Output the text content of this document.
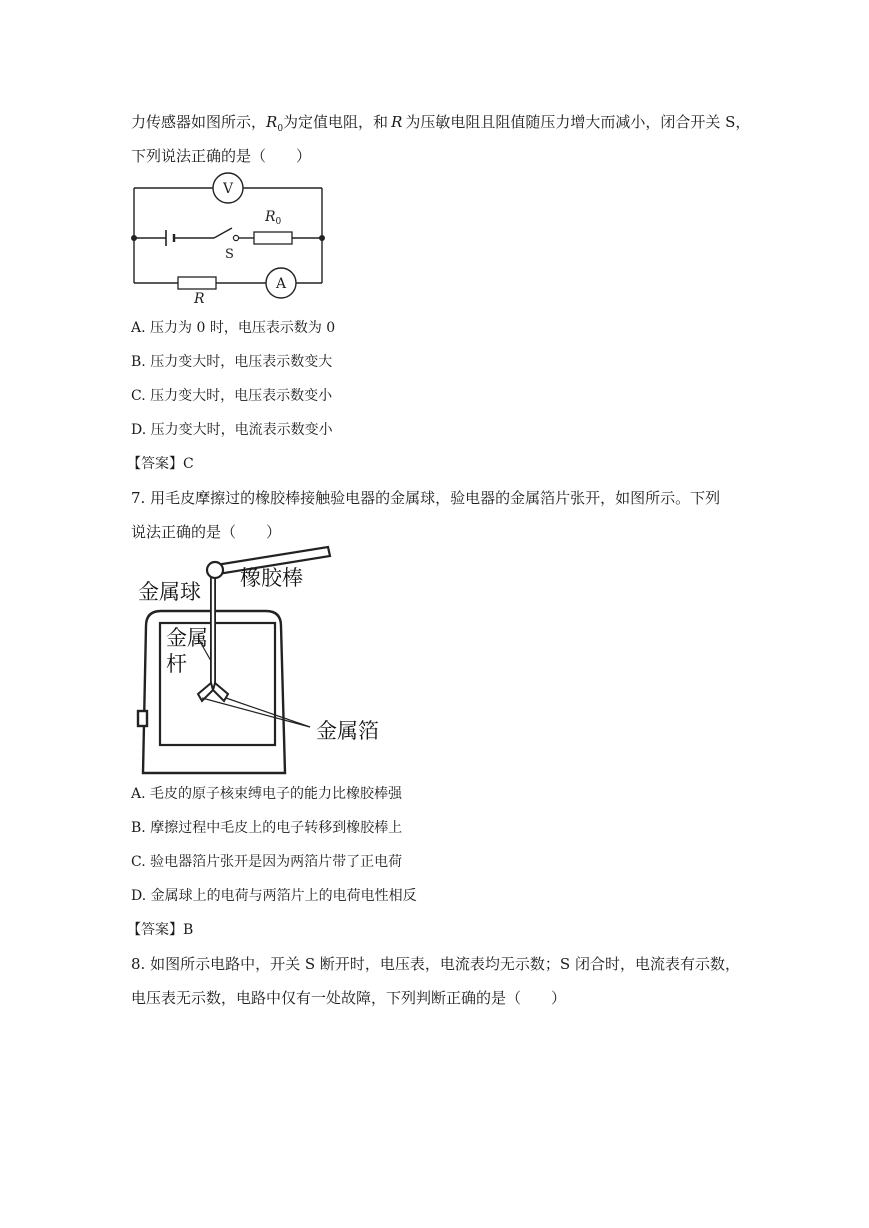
力传感器如图所示，$R_0$为定值电阻，和 R 为压敏电阻且阻值随压力增大而减小，闭合开关 S，
下列说法正确的是（　　）
S
$R_0$
V
R
A
A. 压力为 0 时，电压表示数为 0
B. 压力变大时，电压表示数变大
C. 压力变大时，电压表示数变小
D. 压力变大时，电流表示数变小
【答案】C
7. 用毛皮摩擦过的橡胶棒接触验电器的金属球，验电器的金属箔片张开，如图所示。下列
说法正确的是（　　）
金属球
橡胶棒
金属
杆
金属箔
A. 毛皮的原子核束缚电子的能力比橡胶棒强
B. 摩擦过程中毛皮上的电子转移到橡胶棒上
C. 验电器箔片张开是因为两箔片带了正电荷
D. 金属球上的电荷与两箔片上的电荷电性相反
【答案】B
8. 如图所示电路中，开关 S 断开时，电压表，电流表均无示数；S 闭合时，电流表有示数，
电压表无示数，电路中仅有一处故障，下列判断正确的是（　　）
